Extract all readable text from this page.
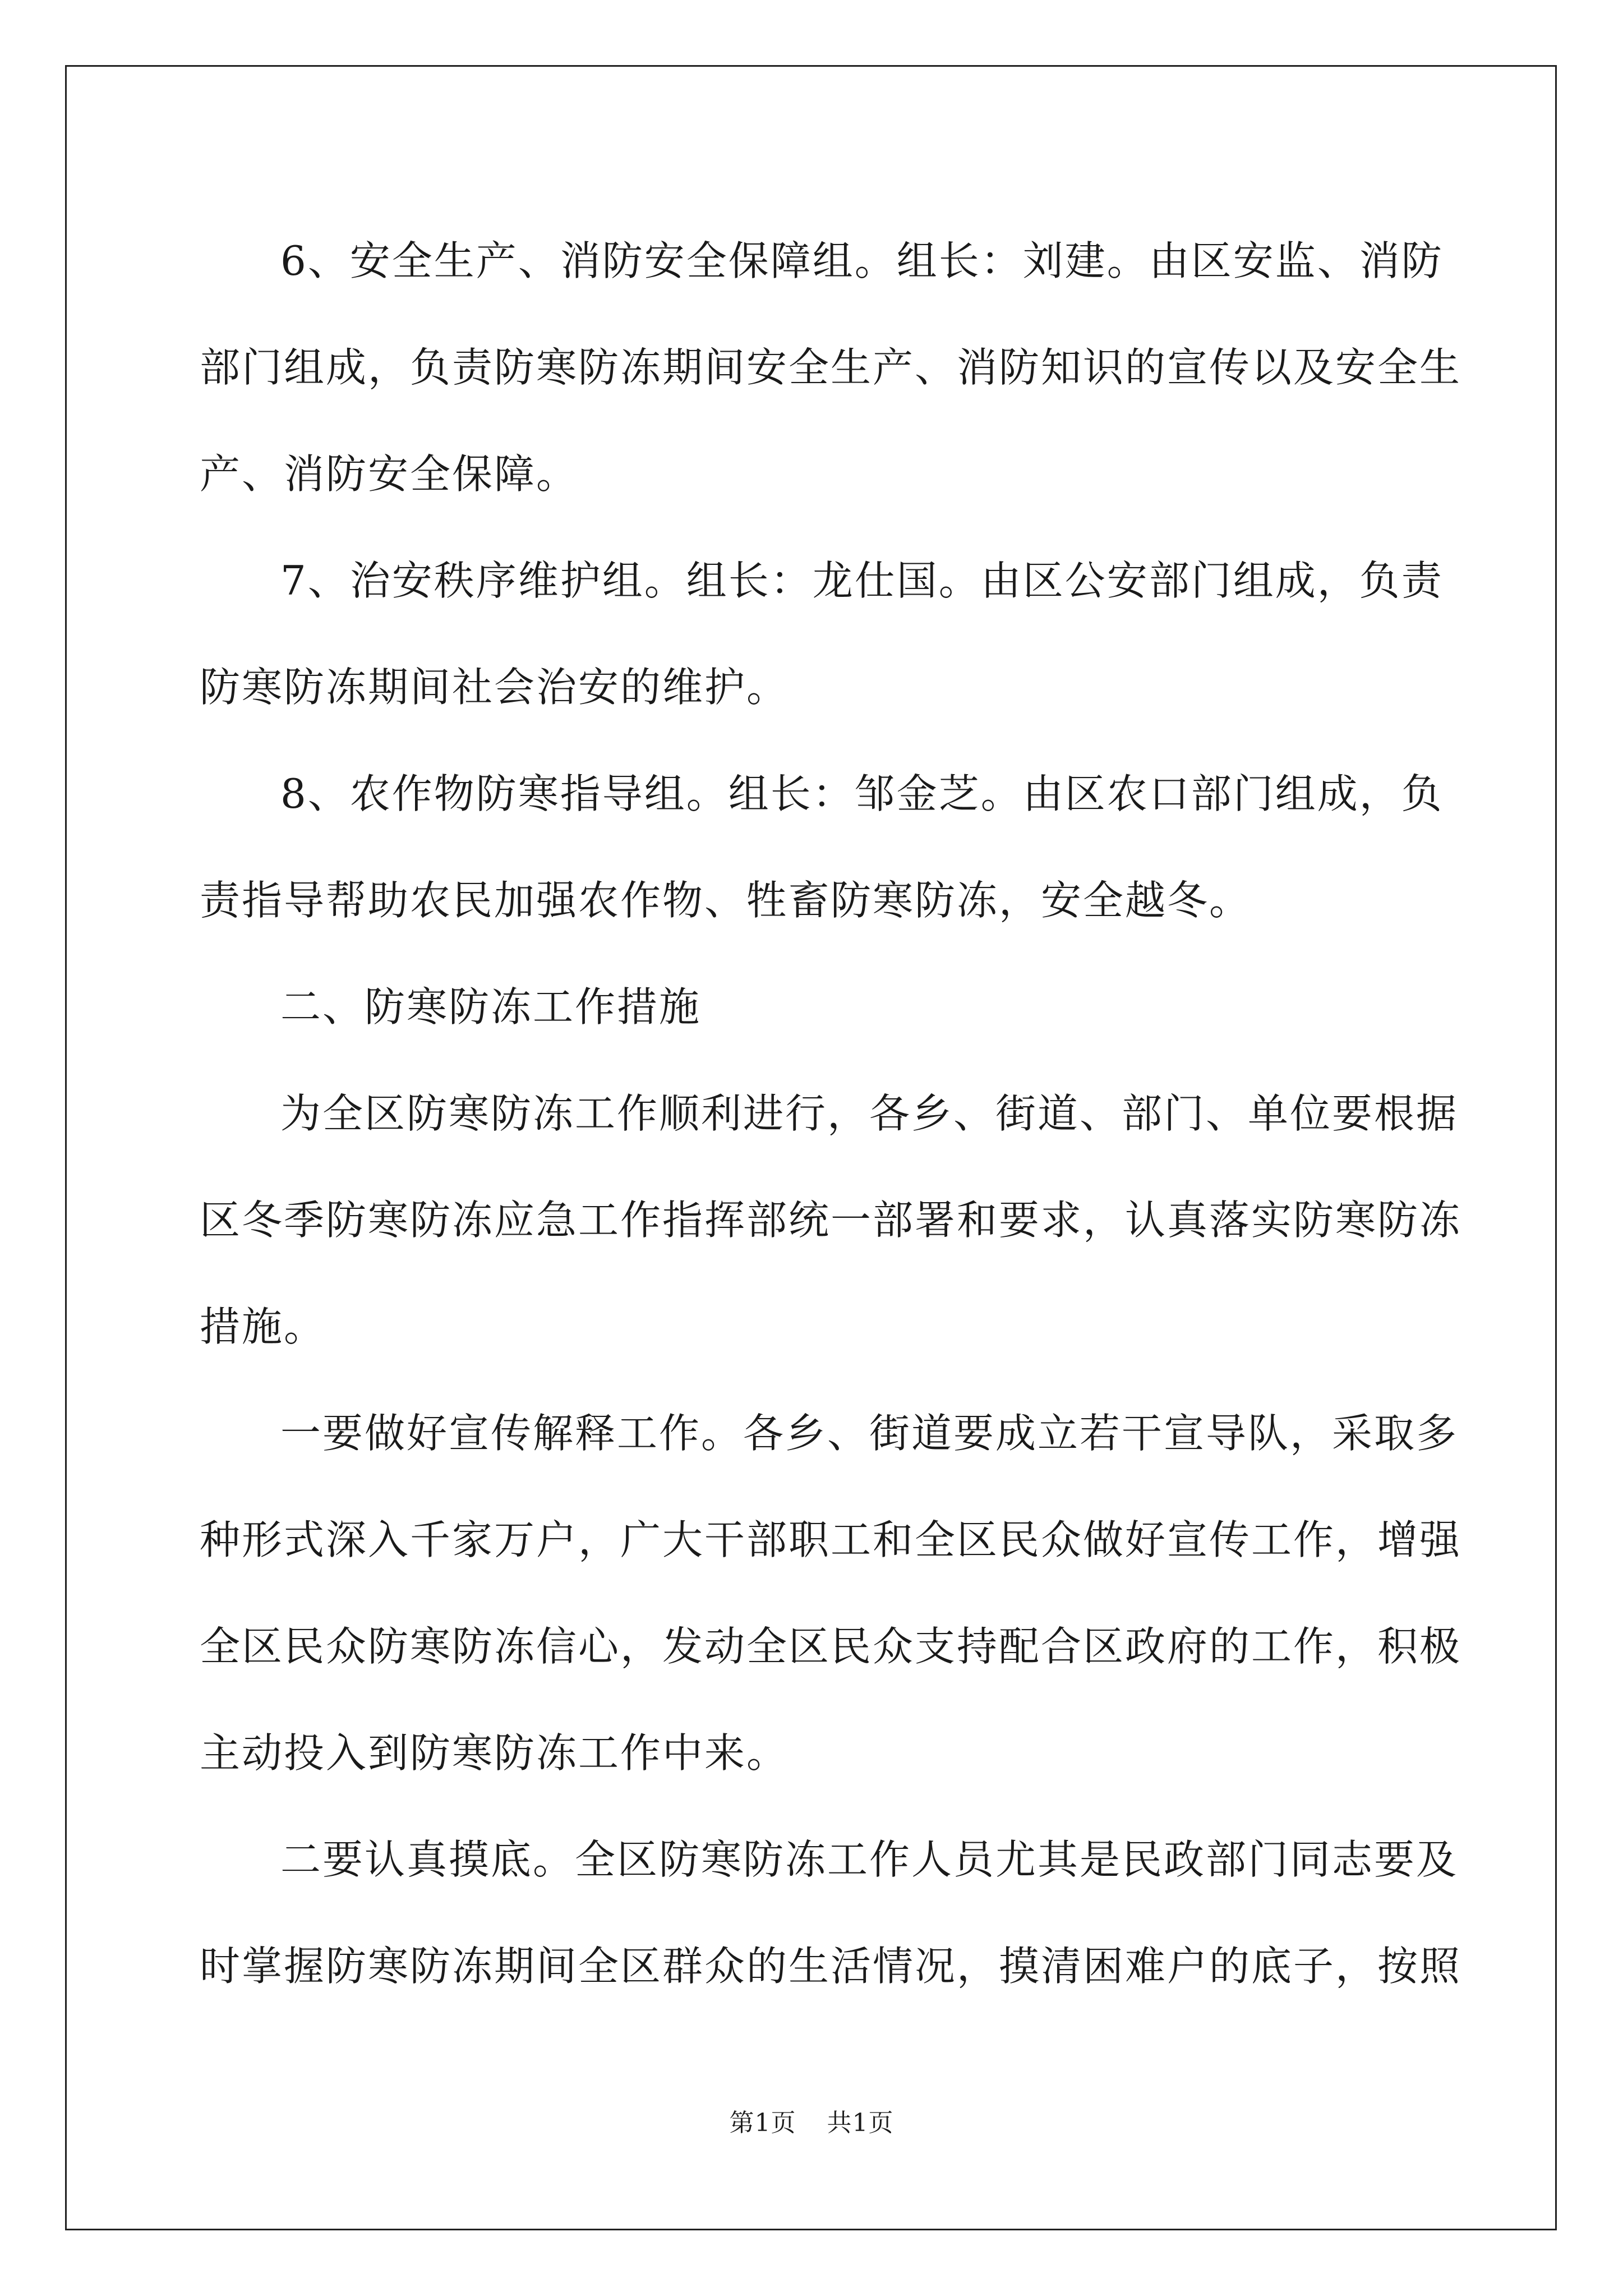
6、安全生产、消防安全保障组。组长：刘建。由区安监、消防部门组成，负责防寒防冻期间安全生产、消防知识的宣传以及安全生产、消防安全保障。

7、治安秩序维护组。组长：龙仕国。由区公安部门组成，负责防寒防冻期间社会治安的维护。

8、农作物防寒指导组。组长：邹金芝。由区农口部门组成，负责指导帮助农民加强农作物、牲畜防寒防冻，安全越冬。

二、防寒防冻工作措施

为全区防寒防冻工作顺利进行，各乡、街道、部门、单位要根据区冬季防寒防冻应急工作指挥部统一部署和要求，认真落实防寒防冻措施。

一要做好宣传解释工作。各乡、街道要成立若干宣导队，采取多种形式深入千家万户，广大干部职工和全区民众做好宣传工作，增强全区民众防寒防冻信心，发动全区民众支持配合区政府的工作，积极主动投入到防寒防冻工作中来。

二要认真摸底。全区防寒防冻工作人员尤其是民政部门同志要及时掌握防寒防冻期间全区群众的生活情况，摸清困难户的底子，按照

第1页 共1页
